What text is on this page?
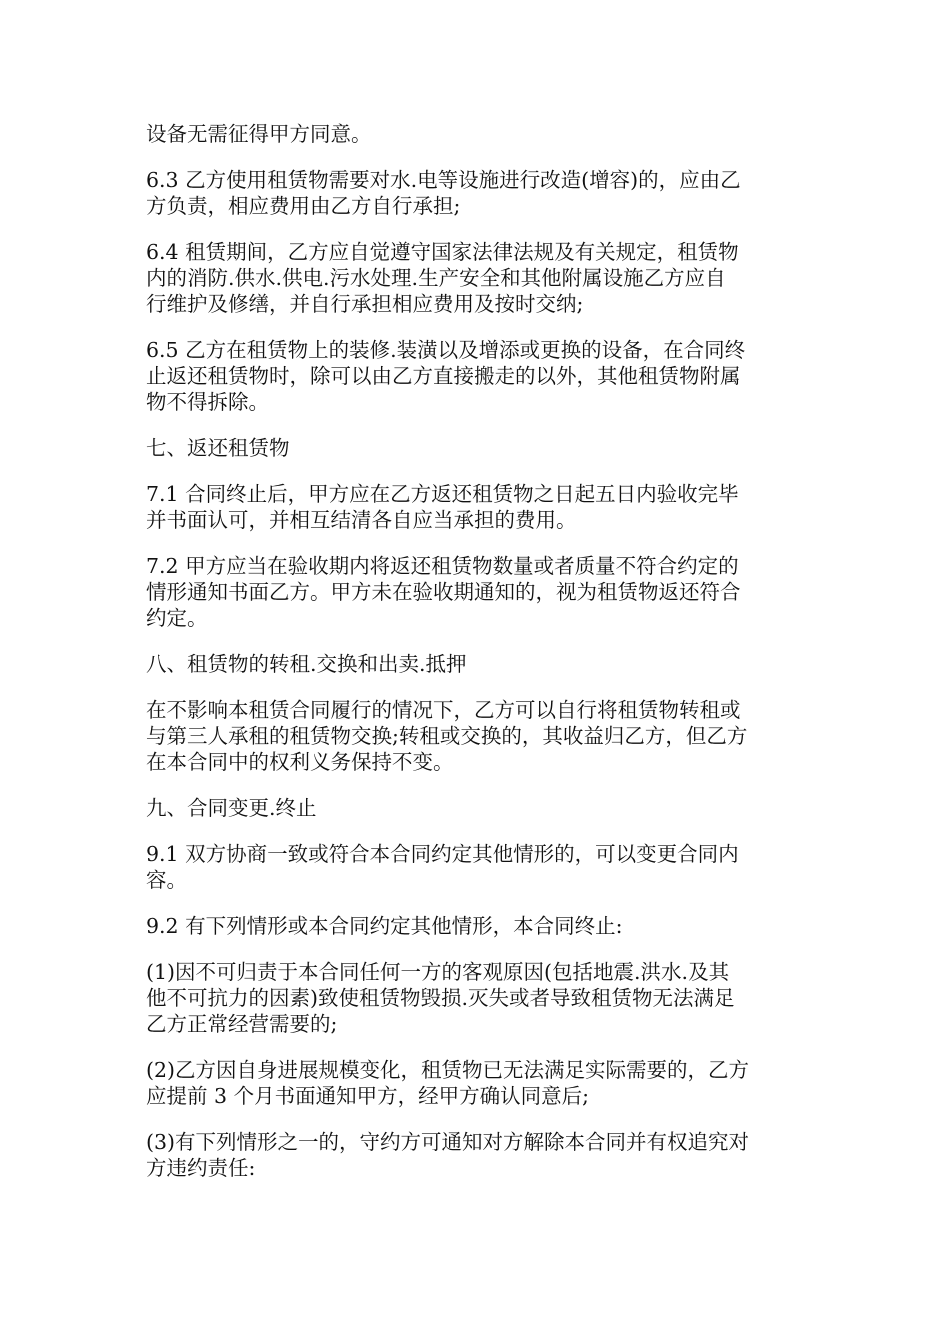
设备无需征得甲方同意。

6.3 乙方使用租赁物需要对水.电等设施进行改造(增容)的，应由乙
方负责，相应费用由乙方自行承担;

6.4 租赁期间，乙方应自觉遵守国家法律法规及有关规定，租赁物
内的消防.供水.供电.污水处理.生产安全和其他附属设施乙方应自
行维护及修缮，并自行承担相应费用及按时交纳;

6.5 乙方在租赁物上的装修.装潢以及增添或更换的设备，在合同终
止返还租赁物时，除可以由乙方直接搬走的以外，其他租赁物附属
物不得拆除。

七、返还租赁物

7.1 合同终止后，甲方应在乙方返还租赁物之日起五日内验收完毕
并书面认可，并相互结清各自应当承担的费用。

7.2 甲方应当在验收期内将返还租赁物数量或者质量不符合约定的
情形通知书面乙方。甲方未在验收期通知的，视为租赁物返还符合
约定。

八、租赁物的转租.交换和出卖.抵押

在不影响本租赁合同履行的情况下，乙方可以自行将租赁物转租或
与第三人承租的租赁物交换;转租或交换的，其收益归乙方，但乙方
在本合同中的权利义务保持不变。

九、合同变更.终止

9.1 双方协商一致或符合本合同约定其他情形的，可以变更合同内
容。

9.2 有下列情形或本合同约定其他情形，本合同终止:

(1)因不可归责于本合同任何一方的客观原因(包括地震.洪水.及其
他不可抗力的因素)致使租赁物毁损.灭失或者导致租赁物无法满足
乙方正常经营需要的;

(2)乙方因自身进展规模变化，租赁物已无法满足实际需要的，乙方
应提前 3 个月书面通知甲方，经甲方确认同意后;

(3)有下列情形之一的，守约方可通知对方解除本合同并有权追究对
方违约责任:
